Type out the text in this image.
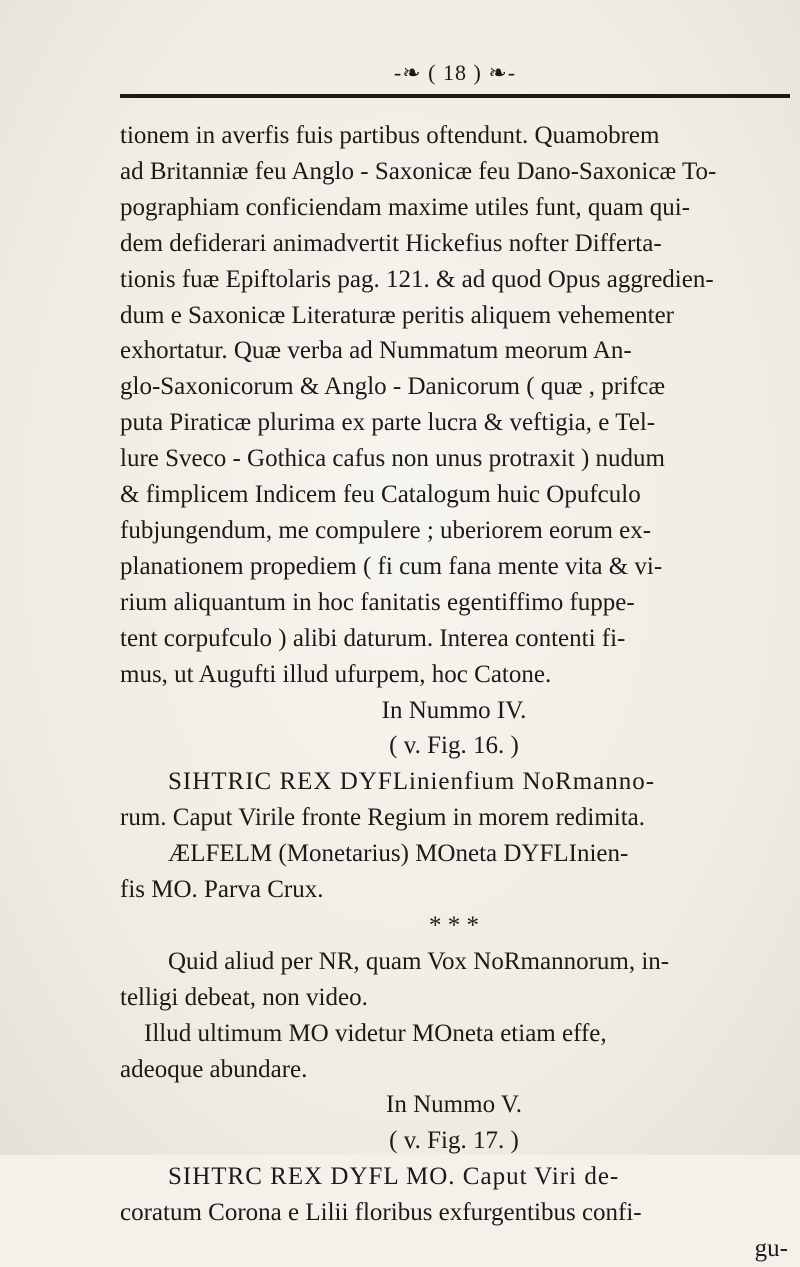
-❧ ( 18 ) ❧-
tionem in averfis fuis partibus oftendunt. Quamobrem
ad Britanniæ feu Anglo - Saxonicæ feu Dano-Saxonicæ To-
pographiam conficiendam maxime utiles funt, quam qui-
dem defiderari animadvertit Hickefius nofter Differta-
tionis fuæ Epiftolaris pag. 121. & ad quod Opus aggredien-
dum e Saxonicæ Literaturæ peritis aliquem vehementer
exhortatur. Quæ verba ad Nummatum meorum An-
glo-Saxonicorum & Anglo - Danicorum ( quæ , prifcæ
puta Piraticæ plurima ex parte lucra & veftigia, e Tel-
lure Sveco - Gothica cafus non unus protraxit ) nudum
& fimplicem Indicem feu Catalogum huic Opufculo
fubjungendum, me compulere ; uberiorem eorum ex-
planationem propediem ( fi cum fana mente vita & vi-
rium aliquantum in hoc fanitatis egentiffimo fuppe-
tent corpufculo ) alibi daturum. Interea contenti fi-
mus, ut Augufti illud ufurpem, hoc Catone.
In Nummo IV.
( v. Fig. 16. )
SIHTRIC REX DYFLinienfium NoRmanno-
rum. Caput Virile fronte Regium in morem redimita.
ÆLFELM (Monetarius) MOneta DYFLInien-
fis MO. Parva Crux.
* * *
Quid aliud per NR, quam Vox NoRmannorum, in-
telligi debeat, non video.
Illud ultimum MO videtur MOneta etiam effe,
adeoque abundare.
In Nummo V.
( v. Fig. 17. )
SIHTRC REX DYFL MO. Caput Viri de-
coratum Corona e Lilii floribus exfurgentibus confi-
gu-
